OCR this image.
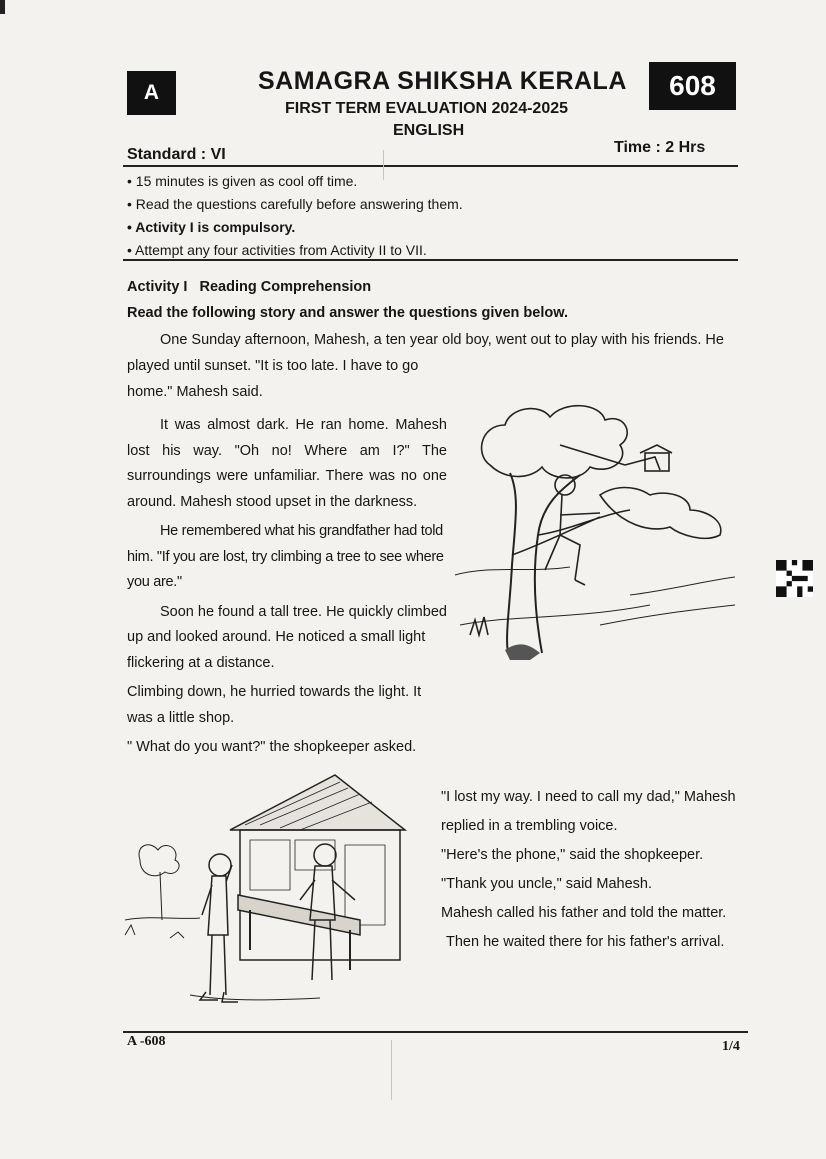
A	SAMAGRA SHIKSHA KERALA
FIRST TERM EVALUATION 2024-2025
ENGLISH
608
Standard : VI	Time : 2 Hrs
• 15 minutes is given as cool off time.
• Read the questions carefully before answering them.
• Activity I is compulsory.
• Attempt any four activities from Activity II to VII.
Activity I   Reading Comprehension
Read the following story and answer the questions given below.
One Sunday afternoon, Mahesh, a ten year old boy, went out to play with his friends. He

played until sunset. "It is too late. I have to go home." Mahesh said.

It was almost dark. He ran home. Mahesh lost his way. "Oh no! Where am I?" The surroundings were unfamiliar. There was no one around. Mahesh stood upset in the darkness.

He remembered what his grandfather had told him. "If you are lost, try climbing a tree to see where you are."

Soon he found a tall tree. He quickly climbed up and looked around. He noticed a small light flickering at a distance.

Climbing down, he hurried towards the light. It was a little shop.

" What do you want?" the shopkeeper asked.

"I lost my way. I need to call my dad," Mahesh replied in a trembling voice.

"Here's the phone," said the shopkeeper.

"Thank you uncle," said Mahesh.

Mahesh called his father and told the matter.

Then he waited there for his father's arrival.

A -608	1/4
